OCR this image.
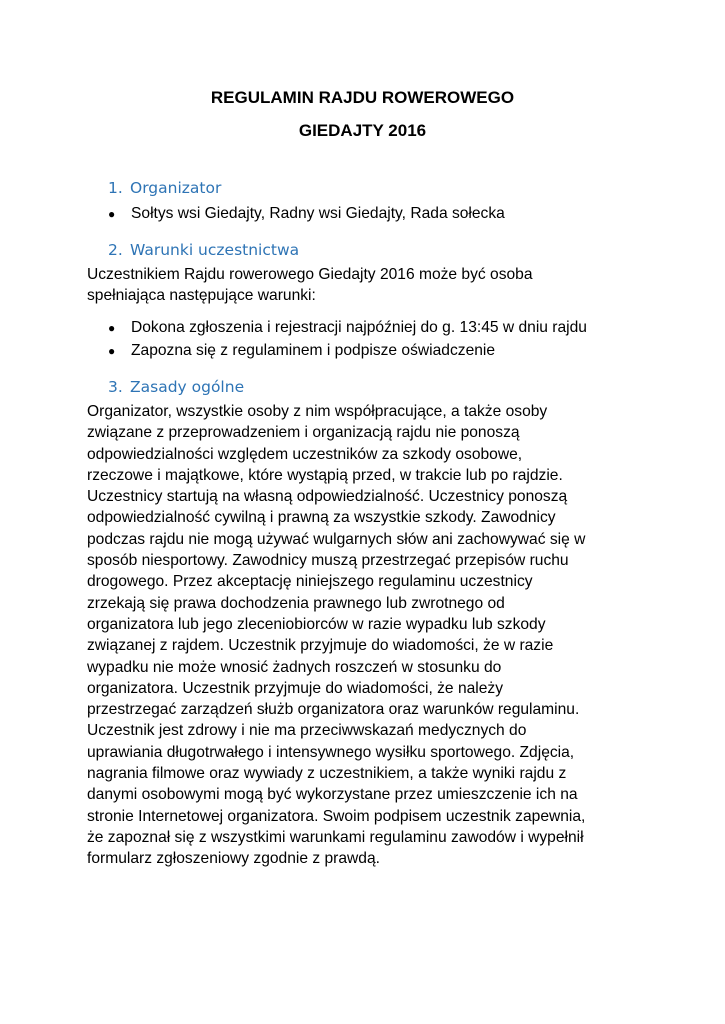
REGULAMIN RAJDU ROWEROWEGO
GIEDAJTY 2016
1. Organizator
● Sołtys wsi Giedajty, Radny wsi Giedajty, Rada sołecka
2. Warunki uczestnictwa

Uczestnikiem Rajdu rowerowego Giedajty 2016 może być osoba
spełniająca następujące warunki:

● Dokona zgłoszenia i rejestracji najpóźniej do g. 13:45 w dniu rajdu
● Zapozna się z regulaminem i podpisze oświadczenie
3. Zasady ogólne

Organizator, wszystkie osoby z nim współpracujące, a także osoby
związane z przeprowadzeniem i organizacją rajdu nie ponoszą
odpowiedzialności względem uczestników za szkody osobowe,
rzeczowe i majątkowe, które wystąpią przed, w trakcie lub po rajdzie.
Uczestnicy startują na własną odpowiedzialność. Uczestnicy ponoszą
odpowiedzialność cywilną i prawną za wszystkie szkody. Zawodnicy
podczas rajdu nie mogą używać wulgarnych słów ani zachowywać się w
sposób niesportowy. Zawodnicy muszą przestrzegać przepisów ruchu
drogowego. Przez akceptację niniejszego regulaminu uczestnicy
zrzekają się prawa dochodzenia prawnego lub zwrotnego od
organizatora lub jego zleceniobiorców w razie wypadku lub szkody
związanej z rajdem. Uczestnik przyjmuje do wiadomości, że w razie
wypadku nie może wnosić żadnych roszczeń w stosunku do
organizatora. Uczestnik przyjmuje do wiadomości, że należy
przestrzegać zarządzeń służb organizatora oraz warunków regulaminu.
Uczestnik jest zdrowy i nie ma przeciwwskazań medycznych do
uprawiania długotrwałego i intensywnego wysiłku sportowego. Zdjęcia,
nagrania filmowe oraz wywiady z uczestnikiem, a także wyniki rajdu z
danymi osobowymi mogą być wykorzystane przez umieszczenie ich na
stronie Internetowej organizatora. Swoim podpisem uczestnik zapewnia,
że zapoznał się z wszystkimi warunkami regulaminu zawodów i wypełnił
formularz zgłoszeniowy zgodnie z prawdą.
